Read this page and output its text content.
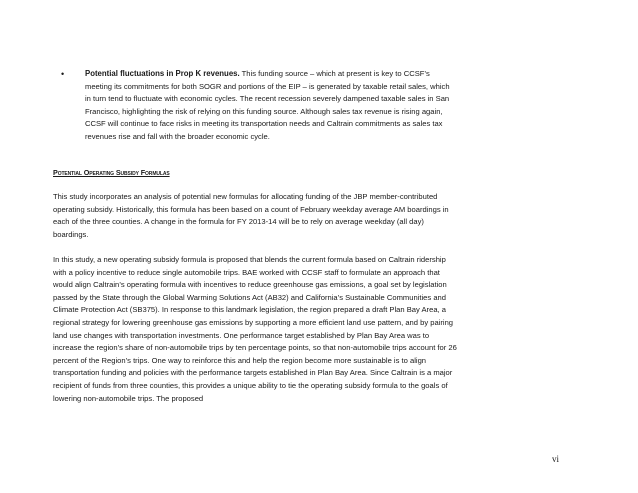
•	Potential fluctuations in Prop K revenues. This funding source – which at present is key to CCSF’s meeting its commitments for both SOGR and portions of the EIP – is generated by taxable retail sales, which in turn tend to fluctuate with economic cycles. The recent recession severely dampened taxable sales in San Francisco, highlighting the risk of relying on this funding source. Although sales tax revenue is rising again, CCSF will continue to face risks in meeting its transportation needs and Caltrain commitments as sales tax revenues rise and fall with the broader economic cycle.
Potential Operating Subsidy Formulas

This study incorporates an analysis of potential new formulas for allocating funding of the JBP member-contributed operating subsidy. Historically, this formula has been based on a count of February weekday average AM boardings in each of the three counties. A change in the formula for FY 2013-14 will be to rely on average weekday (all day) boardings.

In this study, a new operating subsidy formula is proposed that blends the current formula based on Caltrain ridership with a policy incentive to reduce single automobile trips. BAE worked with CCSF staff to formulate an approach that would align Caltrain’s operating formula with incentives to reduce greenhouse gas emissions, a goal set by legislation passed by the State through the Global Warming Solutions Act (AB32) and California’s Sustainable Communities and Climate Protection Act (SB375). In response to this landmark legislation, the region prepared a draft Plan Bay Area, a regional strategy for lowering greenhouse gas emissions by supporting a more efficient land use pattern, and by pairing land use changes with transportation investments. One performance target established by Plan Bay Area was to increase the region’s share of non-automobile trips by ten percentage points, so that non-automobile trips account for 26 percent of the Region’s trips. One way to reinforce this and help the region become more sustainable is to align transportation funding and policies with the performance targets established in Plan Bay Area. Since Caltrain is a major recipient of funds from three counties, this provides a unique ability to tie the operating subsidy formula to the goals of lowering non-automobile trips. The proposed

vi
